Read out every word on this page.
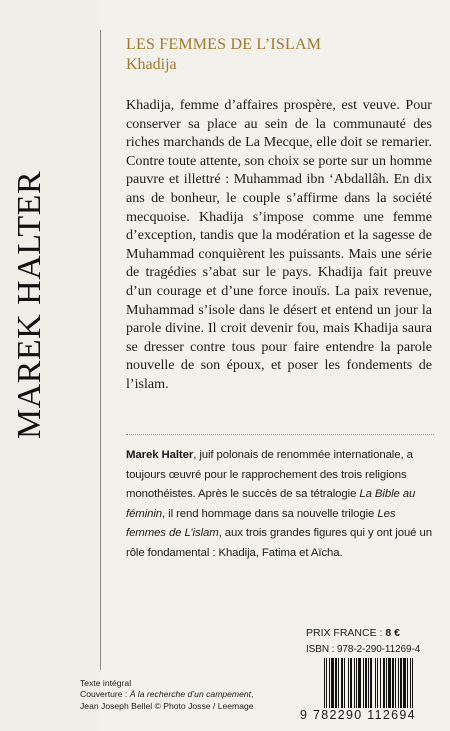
MAREK HALTER
LES FEMMES DE L’ISLAM
Khadija
Khadija, femme d’affaires prospère, est veuve. Pour conserver sa place au sein de la communauté des riches marchands de La Mecque, elle doit se remarier. Contre toute attente, son choix se porte sur un homme pauvre et illettré : Muhammad ibn ‘Abdallâh. En dix ans de bonheur, le couple s’affirme dans la société mecquoise. Khadija s’impose comme une femme d’exception, tandis que la modération et la sagesse de Muhammad conquièrent les puissants. Mais une série de tragédies s’abat sur le pays. Khadija fait preuve d’un courage et d’une force inouïs. La paix revenue, Muhammad s’isole dans le désert et entend un jour la parole divine. Il croit devenir fou, mais Khadija saura se dresser contre tous pour faire entendre la parole nouvelle de son époux, et poser les fondements de l’islam.
Marek Halter, juif polonais de renommée internationale, a toujours œuvré pour le rapprochement des trois religions monothéistes. Après le succès de sa tétralogie La Bible au féminin, il rend hommage dans sa nouvelle trilogie Les femmes de L’islam, aux trois grandes figures qui y ont joué un rôle fondamental : Khadija, Fatima et Aïcha.
PRIX FRANCE : 8 €
ISBN : 978-2-290-11269-4
9 782290 112694
Texte intégral
Couverture : À la recherche d’un campement,
Jean Joseph Bellel © Photo Josse / Leemage
